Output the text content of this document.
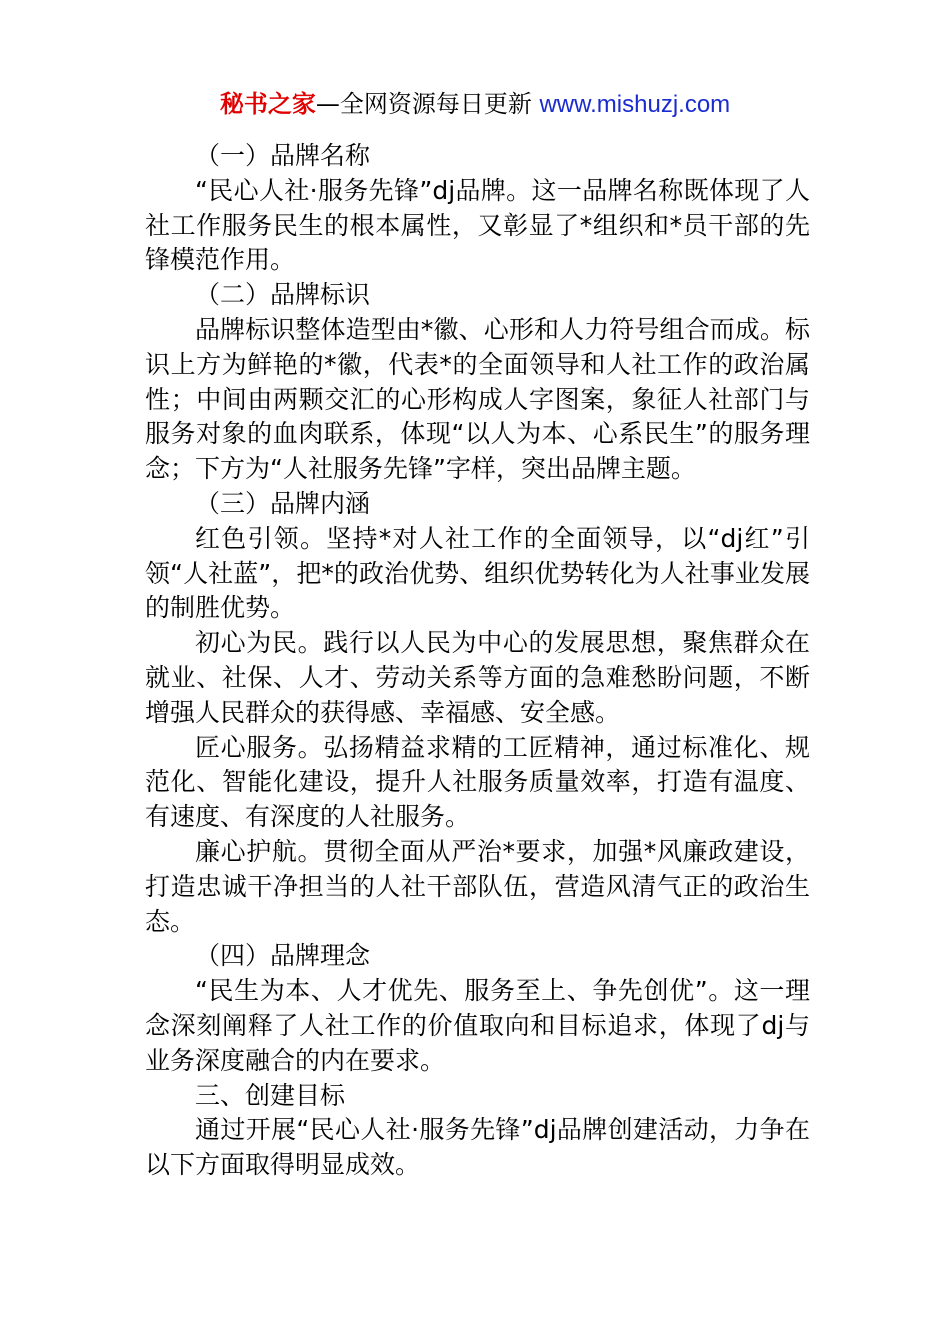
秘书之家—全网资源每日更新 www.mishuzj.com

（一）品牌名称

“民心人社·服务先锋”dj品牌。这一品牌名称既体现了人社工作服务民生的根本属性，又彰显了*组织和*员干部的先锋模范作用。

（二）品牌标识

品牌标识整体造型由*徽、心形和人力符号组合而成。标识上方为鲜艳的*徽，代表*的全面领导和人社工作的政治属性；中间由两颗交汇的心形构成人字图案，象征人社部门与服务对象的血肉联系，体现“以人为本、心系民生”的服务理念；下方为“人社服务先锋”字样，突出品牌主题。

（三）品牌内涵

红色引领。坚持*对人社工作的全面领导，以“dj红”引领“人社蓝”，把*的政治优势、组织优势转化为人社事业发展的制胜优势。

初心为民。践行以人民为中心的发展思想，聚焦群众在就业、社保、人才、劳动关系等方面的急难愁盼问题，不断增强人民群众的获得感、幸福感、安全感。

匠心服务。弘扬精益求精的工匠精神，通过标准化、规范化、智能化建设，提升人社服务质量效率，打造有温度、有速度、有深度的人社服务。

廉心护航。贯彻全面从严治*要求，加强*风廉政建设，打造忠诚干净担当的人社干部队伍，营造风清气正的政治生态。

（四）品牌理念

“民生为本、人才优先、服务至上、争先创优”。这一理念深刻阐释了人社工作的价值取向和目标追求，体现了dj与业务深度融合的内在要求。

三、创建目标

通过开展“民心人社·服务先锋”dj品牌创建活动，力争在以下方面取得明显成效。
